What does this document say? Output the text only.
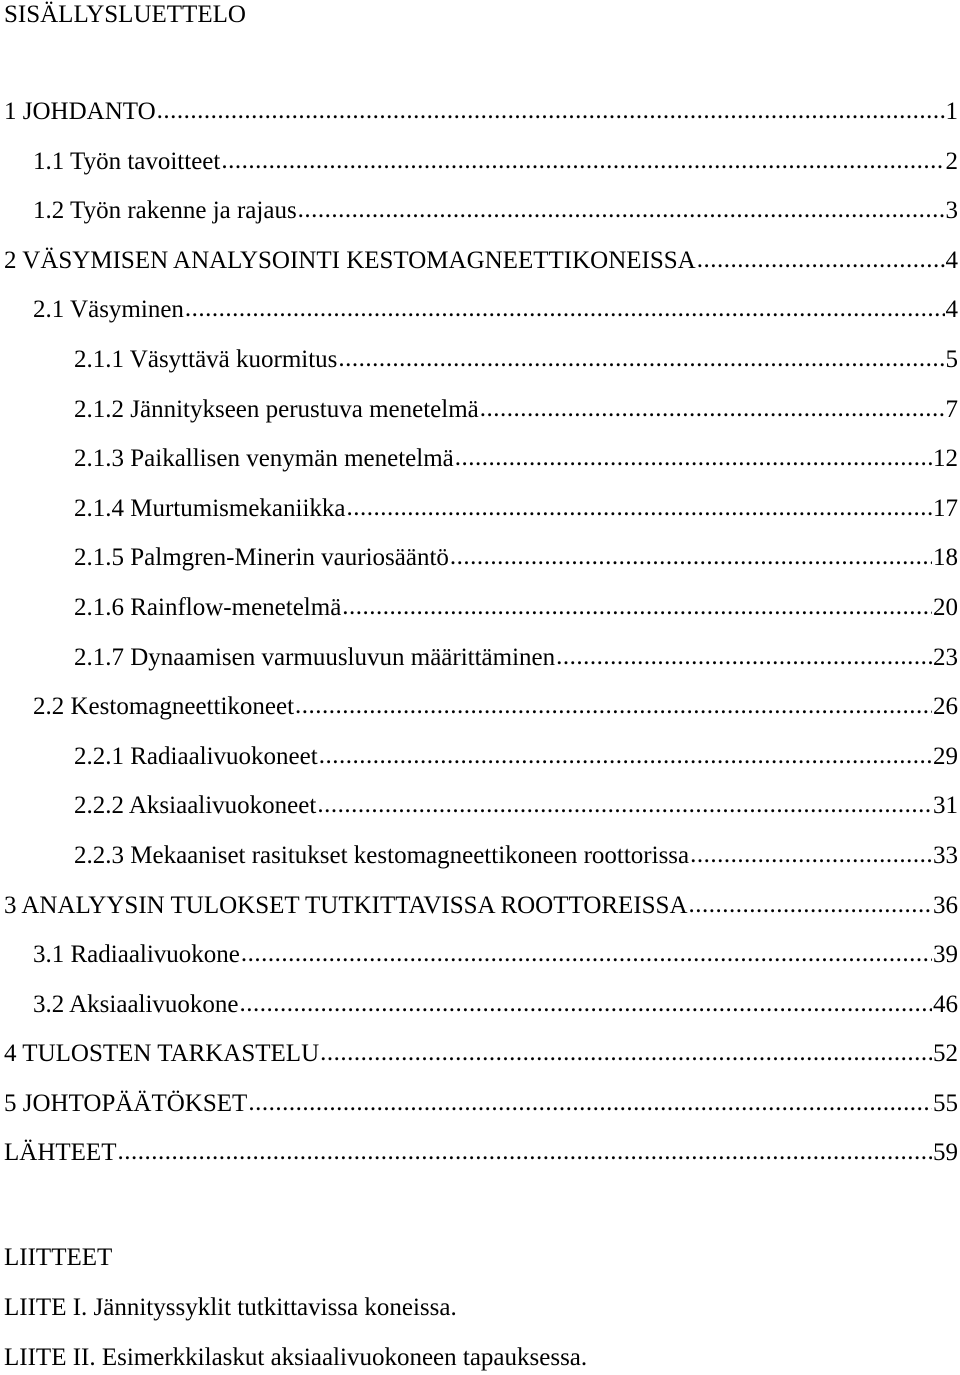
SISÄLLYSLUETTELO
1 JOHDANTO .....	1
1.1 Työn tavoitteet .....	2
1.2 Työn rakenne ja rajaus .....	3
2 VÄSYMISEN ANALYSOINTI KESTOMAGNEETTIKONEISSA .....	4
2.1 Väsyminen .....	4
2.1.1 Väsyttävä kuormitus .....	5
2.1.2 Jännitykseen perustuva menetelmä .....	7
2.1.3 Paikallisen venymän menetelmä .....	12
2.1.4 Murtumismekaniikka .....	17
2.1.5 Palmgren-Minerin vauriosääntö .....	18
2.1.6 Rainflow-menetelmä .....	20
2.1.7 Dynaamisen varmuusluvun määrittäminen .....	23
2.2 Kestomagneettikoneet .....	26
2.2.1 Radiaalivuokoneet .....	29
2.2.2 Aksiaalivuokoneet .....	31
2.2.3 Mekaaniset rasitukset kestomagneettikoneen roottorissa .....	33
3 ANALYYSIN TULOKSET TUTKITTAVISSA ROOTTOREISSA .....	36
3.1 Radiaalivuokone .....	39
3.2 Aksiaalivuokone .....	46
4 TULOSTEN TARKASTELU .....	52
5 JOHTOPÄÄTÖKSET .....	55
LÄHTEET .....	59

LIITTEET

LIITE I. Jännityssyklit tutkittavissa koneissa.

LIITE II. Esimerkkilaskut aksiaalivuokoneen tapauksessa.
